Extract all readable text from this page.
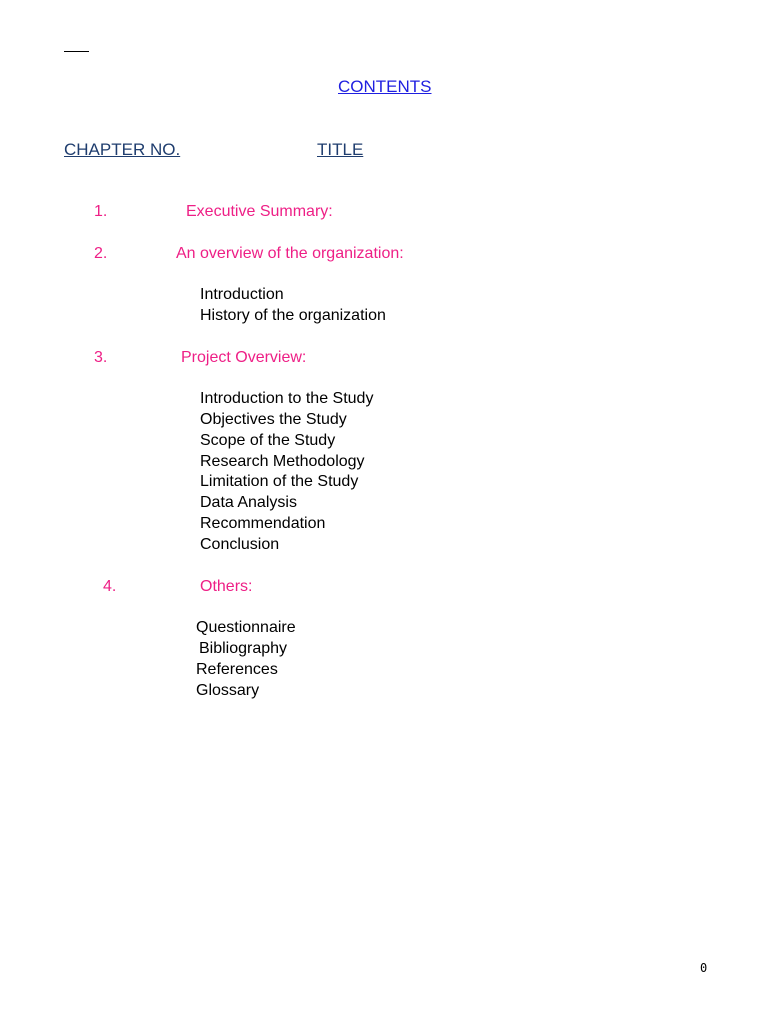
CONTENTS
CHAPTER NO.	TITLE
1.	Executive Summary:
2.	An overview of the organization:
Introduction
History of the organization
3.	Project Overview:
Introduction to the Study
Objectives the Study
Scope of the Study
Research Methodology
Limitation of the Study
Data Analysis
Recommendation
Conclusion
4.	Others:
Questionnaire
Bibliography
References
Glossary
0
